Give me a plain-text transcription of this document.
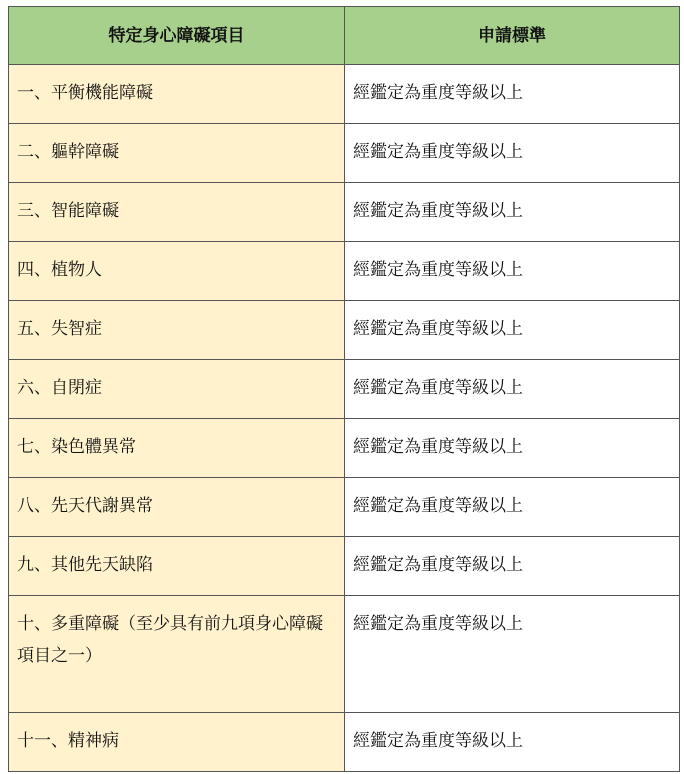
特定身心障礙項目	申請標準
一、平衡機能障礙	經鑑定為重度等級以上
二、軀幹障礙	經鑑定為重度等級以上
三、智能障礙	經鑑定為重度等級以上
四、植物人	經鑑定為重度等級以上
五、失智症	經鑑定為重度等級以上
六、自閉症	經鑑定為重度等級以上
七、染色體異常	經鑑定為重度等級以上
八、先天代謝異常	經鑑定為重度等級以上
九、其他先天缺陷	經鑑定為重度等級以上
十、多重障礙（至少具有前九項身心障礙項目之一）	經鑑定為重度等級以上
十一、精神病	經鑑定為重度等級以上
